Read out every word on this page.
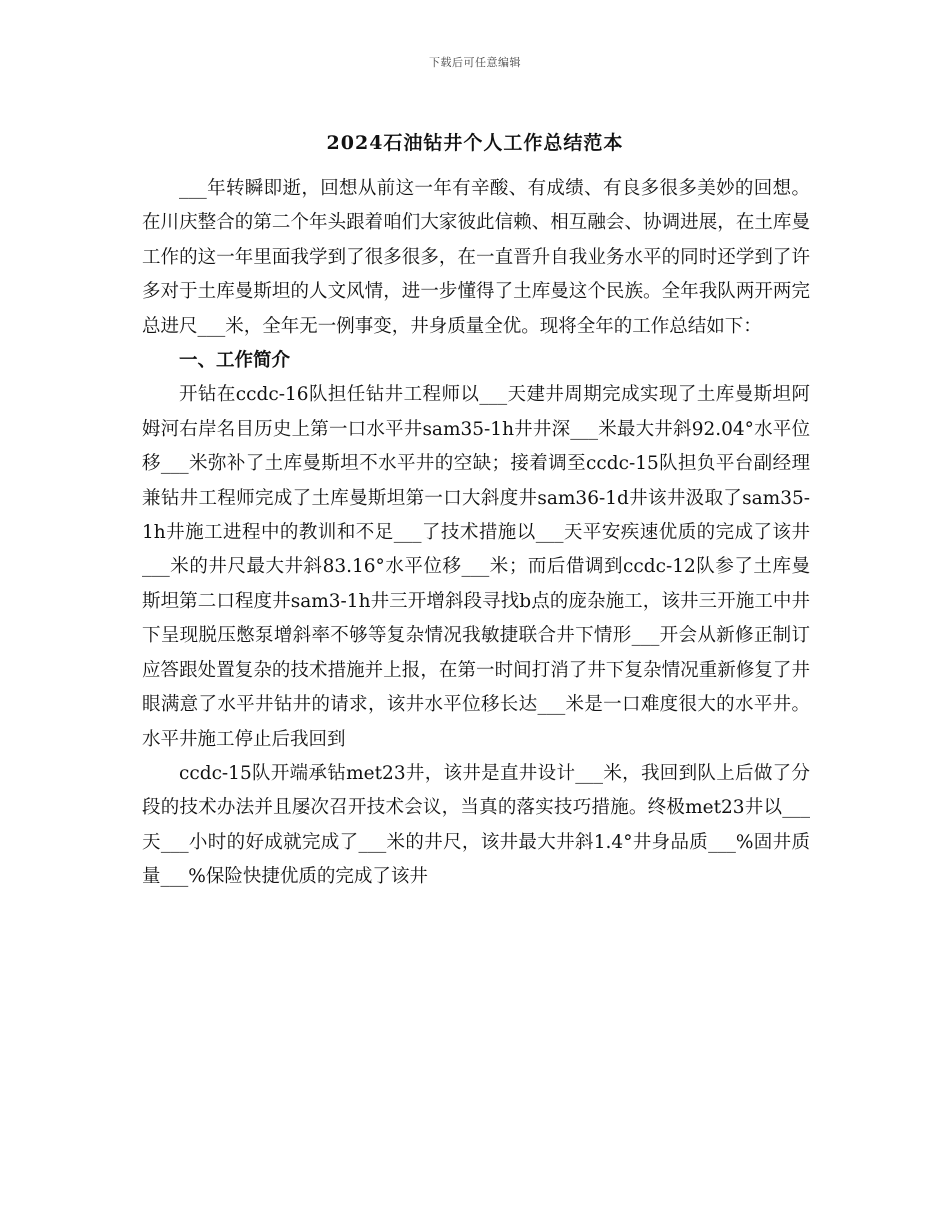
下载后可任意编辑
2024石油钻井个人工作总结范本

___年转瞬即逝，回想从前这一年有辛酸、有成绩、有良多很多美妙的回想。在川庆整合的第二个年头跟着咱们大家彼此信赖、相互融会、协调进展，在土库曼工作的这一年里面我学到了很多很多，在一直晋升自我业务水平的同时还学到了许多对于土库曼斯坦的人文风情，进一步懂得了土库曼这个民族。全年我队两开两完总进尺___米，全年无一例事变，井身质量全优。现将全年的工作总结如下：

一、工作简介

开钻在ccdc-16队担任钻井工程师以___天建井周期完成实现了土库曼斯坦阿姆河右岸名目历史上第一口水平井sam35-1h井井深___米最大井斜92.04°水平位移___米弥补了土库曼斯坦不水平井的空缺；接着调至ccdc-15队担负平台副经理兼钻井工程师完成了土库曼斯坦第一口大斜度井sam36-1d井该井汲取了sam35-1h井施工进程中的教训和不足___了技术措施以___天平安疾速优质的完成了该井___米的井尺最大井斜83.16°水平位移___米；而后借调到ccdc-12队参了土库曼斯坦第二口程度井sam3-1h井三开增斜段寻找b点的庞杂施工，该井三开施工中井下呈现脱压憋泵增斜率不够等复杂情况我敏捷联合井下情形___开会从新修正制订应答跟处置复杂的技术措施并上报，在第一时间打消了井下复杂情况重新修复了井眼满意了水平井钻井的请求，该井水平位移长达___米是一口难度很大的水平井。水平井施工停止后我回到

ccdc-15队开端承钻met23井，该井是直井设计___米，我回到队上后做了分段的技术办法并且屡次召开技术会议，当真的落实技巧措施。终极met23井以___天___小时的好成就完成了___米的井尺，该井最大井斜1.4°井身品质___%固井质量___%保险快捷优质的完成了该井
